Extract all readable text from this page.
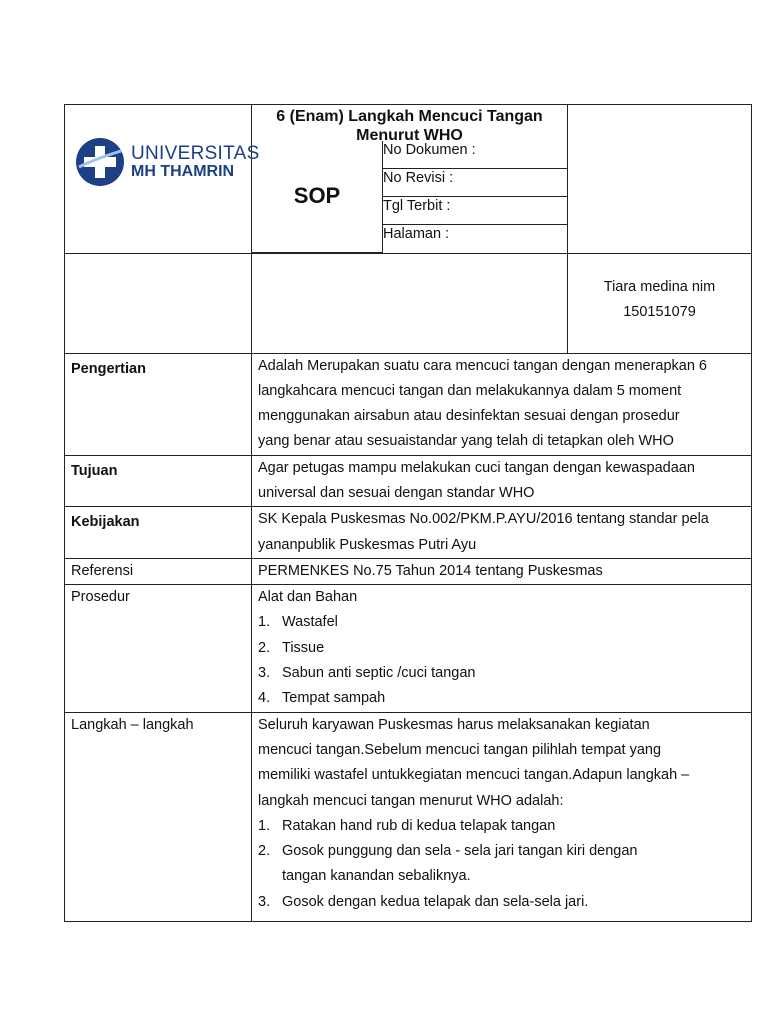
UNIVERSITAS
MH THAMRIN

6 (Enam) Langkah Mencuci Tangan Menurut WHO
SOP	No Dokumen :
No Revisi :
Tgl Terbit :
Halaman :

Tiara medina nim
150151079

Pengertian	Adalah Merupakan suatu cara mencuci tangan dengan menerapkan 6
langkahcara mencuci tangan dan melakukannya dalam 5 moment
menggunakan airsabun atau desinfektan sesuai dengan prosedur
yang benar atau sesuaistandar yang telah di tetapkan oleh WHO

Tujuan	Agar petugas mampu melakukan cuci tangan dengan kewaspadaan
universal dan sesuai dengan standar WHO

Kebijakan	SK Kepala Puskesmas No.002/PKM.P.AYU/2016 tentang standar pela
yananpublik Puskesmas Putri Ayu

Referensi	PERMENKES No.75 Tahun 2014 tentang Puskesmas

Prosedur	Alat dan Bahan
1. Wastafel
2. Tissue
3. Sabun anti septic /cuci tangan
4. Tempat sampah

Langkah – langkah	Seluruh karyawan Puskesmas harus melaksanakan kegiatan
mencuci tangan.Sebelum mencuci tangan pilihlah tempat yang
memiliki wastafel untukkegiatan mencuci tangan.Adapun langkah –
langkah mencuci tangan menurut WHO adalah:
1. Ratakan hand rub di kedua telapak tangan
2. Gosok punggung dan sela - sela jari tangan kiri dengan
tangan kanandan sebaliknya.
3. Gosok dengan kedua telapak dan sela-sela jari.
